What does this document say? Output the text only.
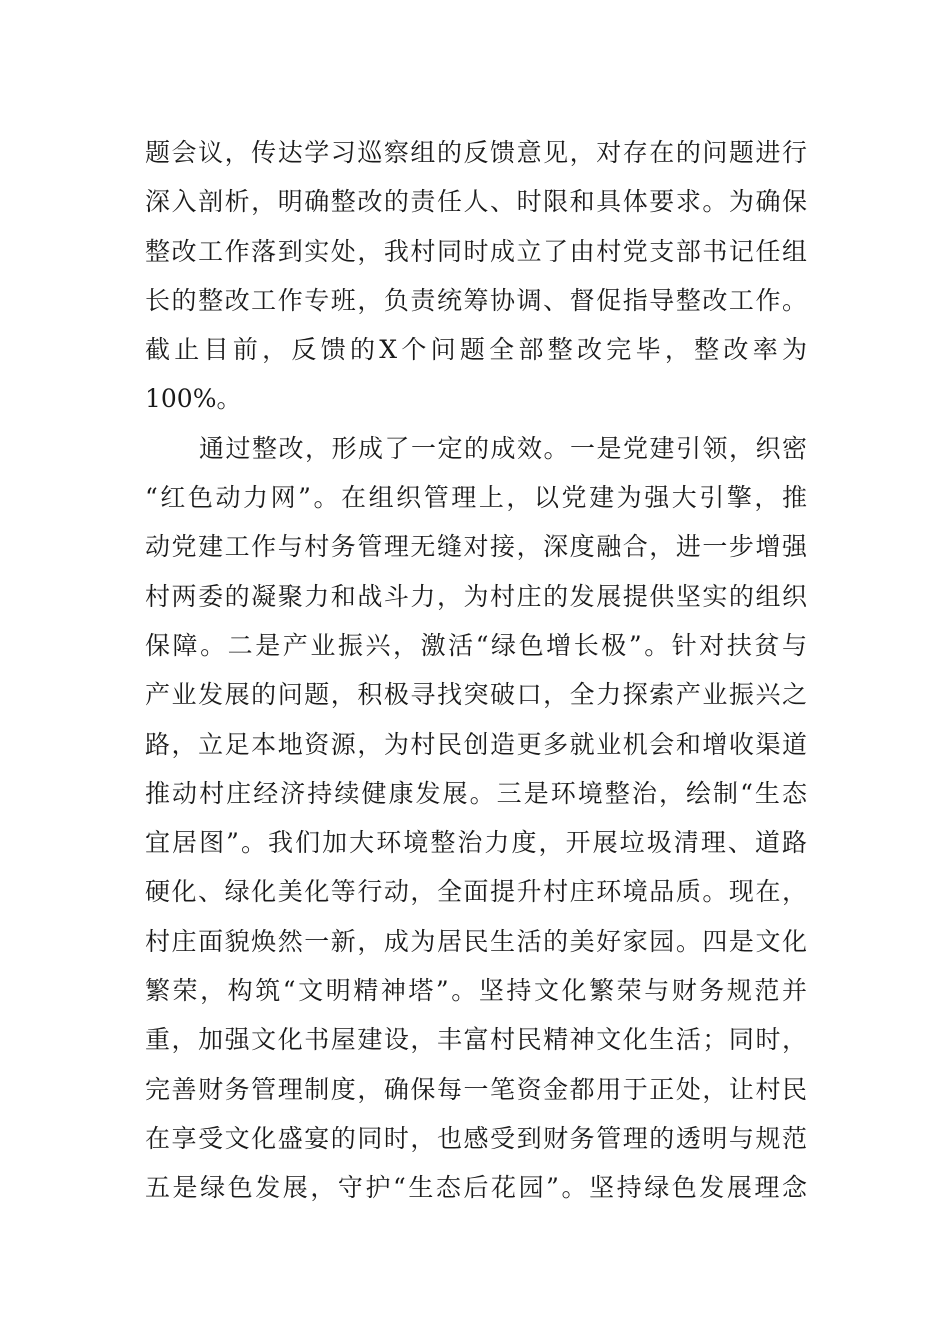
题会议，传达学习巡察组的反馈意见，对存在的问题进行
深入剖析，明确整改的责任人、时限和具体要求。为确保
整改工作落到实处，我村同时成立了由村党支部书记任组
长的整改工作专班，负责统筹协调、督促指导整改工作。
截止目前，反馈的X个问题全部整改完毕，整改率为
100%。
通过整改，形成了一定的成效。一是党建引领，织密
“红色动力网”。在组织管理上，以党建为强大引擎，推
动党建工作与村务管理无缝对接，深度融合，进一步增强
村两委的凝聚力和战斗力，为村庄的发展提供坚实的组织
保障。二是产业振兴，激活“绿色增长极”。针对扶贫与
产业发展的问题，积极寻找突破口，全力探索产业振兴之
路，立足本地资源，为村民创造更多就业机会和增收渠道
推动村庄经济持续健康发展。三是环境整治，绘制“生态
宜居图”。我们加大环境整治力度，开展垃圾清理、道路
硬化、绿化美化等行动，全面提升村庄环境品质。现在，
村庄面貌焕然一新，成为居民生活的美好家园。四是文化
繁荣，构筑“文明精神塔”。坚持文化繁荣与财务规范并
重，加强文化书屋建设，丰富村民精神文化生活；同时，
完善财务管理制度，确保每一笔资金都用于正处，让村民
在享受文化盛宴的同时，也感受到财务管理的透明与规范
五是绿色发展，守护“生态后花园”。坚持绿色发展理念
